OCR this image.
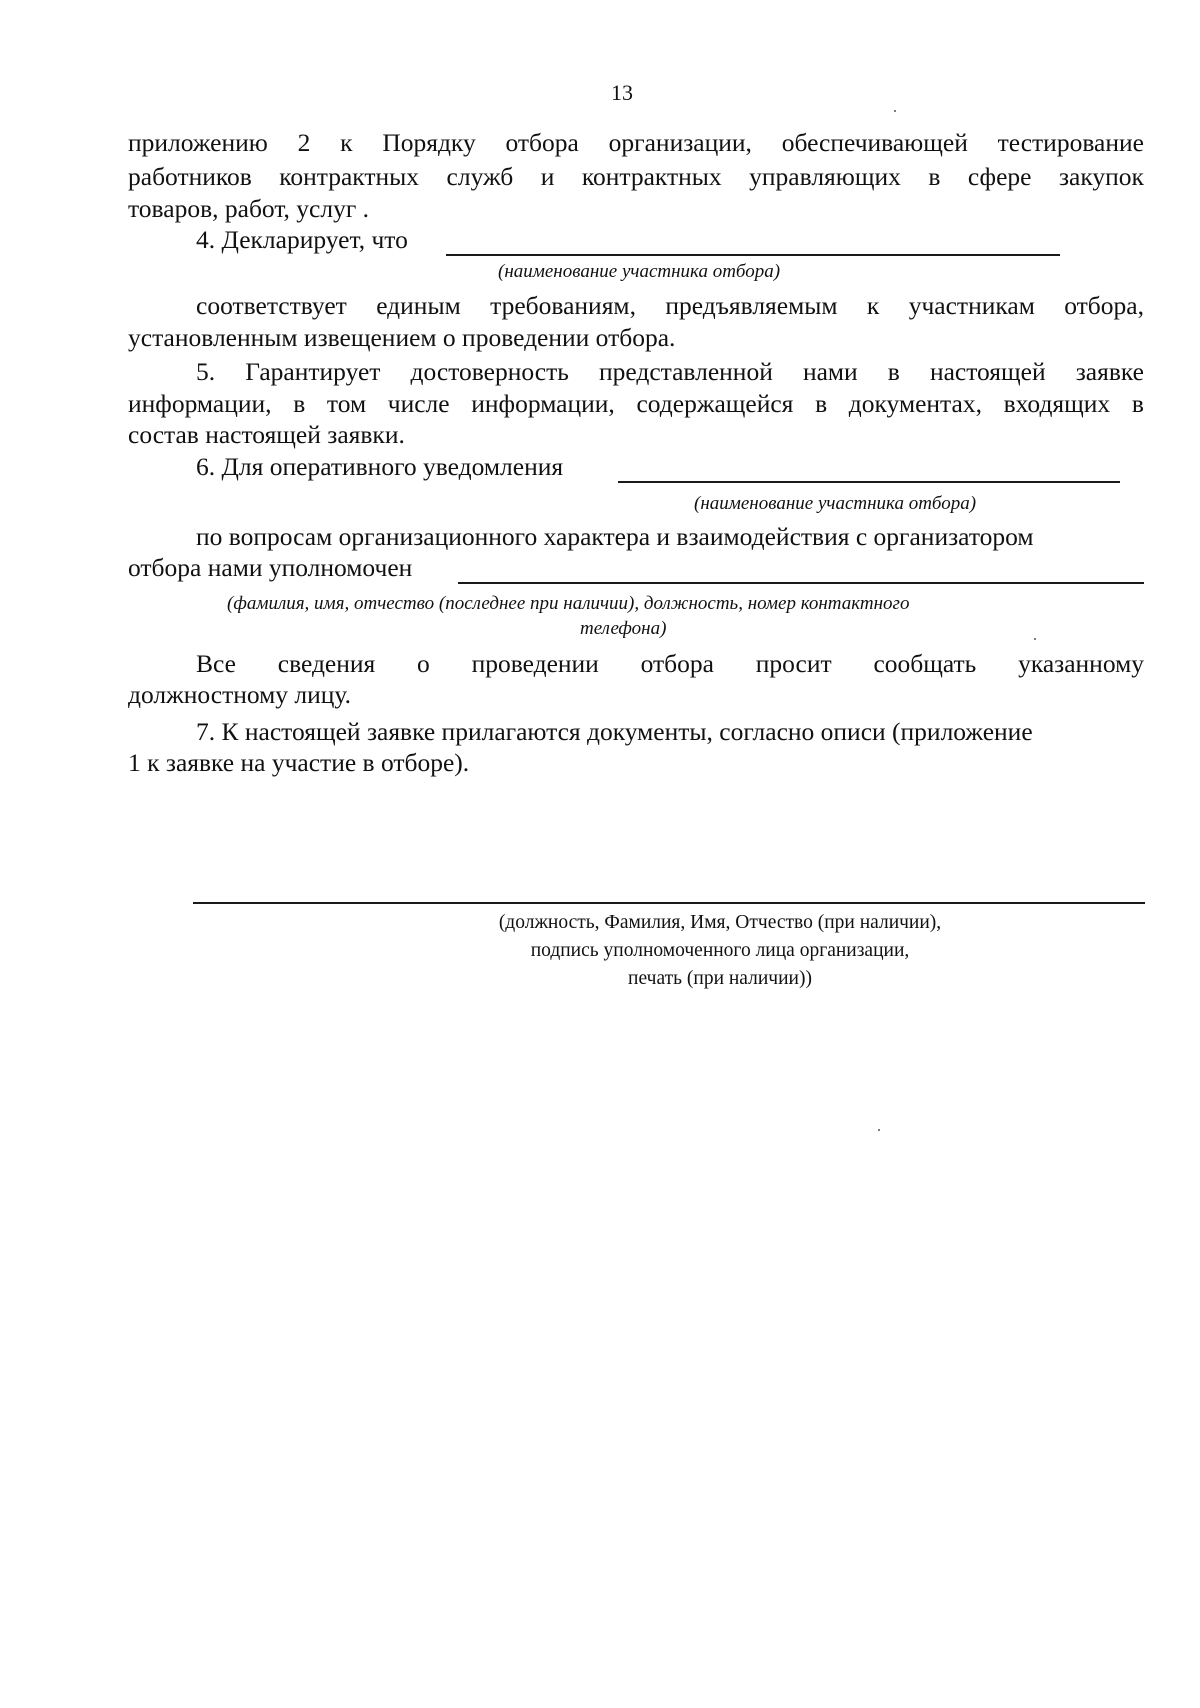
13
приложению 2 к Порядку отбора организации, обеспечивающей тестирование
работников контрактных служб и контрактных управляющих в сфере закупок
товаров, работ, услуг .
4. Декларирует, что
(наименование участника отбора)
соответствует единым требованиям, предъявляемым к участникам отбора,
установленным извещением о проведении отбора.
5. Гарантирует достоверность представленной нами в настоящей заявке
информации, в том числе информации, содержащейся в документах, входящих в
состав настоящей заявки.
6. Для оперативного уведомления
(наименование участника отбора)
по вопросам организационного характера и взаимодействия с организатором
отбора нами уполномочен
(фамилия, имя, отчество (последнее при наличии), должность, номер контактного
телефона)
Все сведения о проведении отбора просит сообщать указанному
должностному лицу.
7. К настоящей заявке прилагаются документы, согласно описи (приложение
1 к заявке на участие в отборе).
(должность, Фамилия, Имя, Отчество (при наличии),
подпись уполномоченного лица организации,
печать (при наличии))
